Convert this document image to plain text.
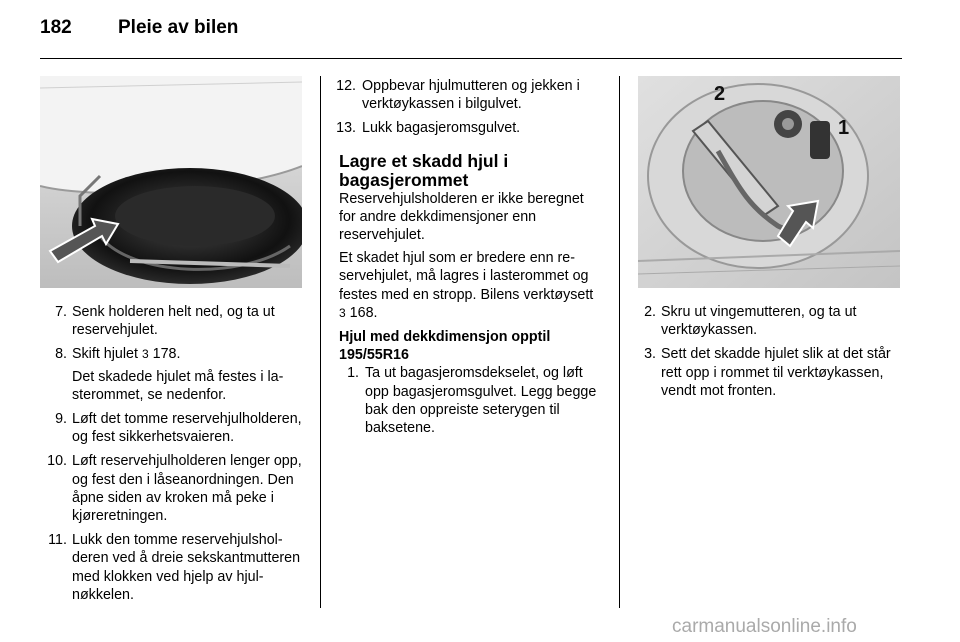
182 Pleie av bilen
2
1
7. Senk holderen helt ned, og ta ut reservehjulet.
8. Skift hjulet 3 178.
Det skadede hjulet må festes i lasterommet, se nedenfor.
9. Løft det tomme reservehjulholderen, og fest sikkerhetsvaieren.
10. Løft reservehjulholderen lenger opp, og fest den i låseanordningen. Den åpne siden av kroken må peke i kjøreretningen.
11. Lukk den tomme reservehjulsholderen ved å dreie sekskantmutteren med klokken ved hjelp av hjulnøkkelen.
12. Oppbevar hjulmutteren og jekken i verktøykassen i bilgulvet.
13. Lukk bagasjeromsgulvet.
Lagre et skadd hjul i bagasjerommet

Reservehjulsholderen er ikke beregnet for andre dekkdimensjoner enn reservehjulet.

Et skadet hjul som er bredere enn reservehjulet, må lagres i lasterommet og festes med en stropp. Bilens verktøysett 3 168.

Hjul med dekkdimensjon opptil 195/55R16
1. Ta ut bagasjeromsdekselet, og løft opp bagasjeromsgulvet. Legg begge bak den oppreiste seterygen til baksetene.
2. Skru ut vingemutteren, og ta ut verktøykassen.
3. Sett det skadde hjulet slik at det står rett opp i rommet til verktøykassen, vendt mot fronten.
carmanualsonline.info
